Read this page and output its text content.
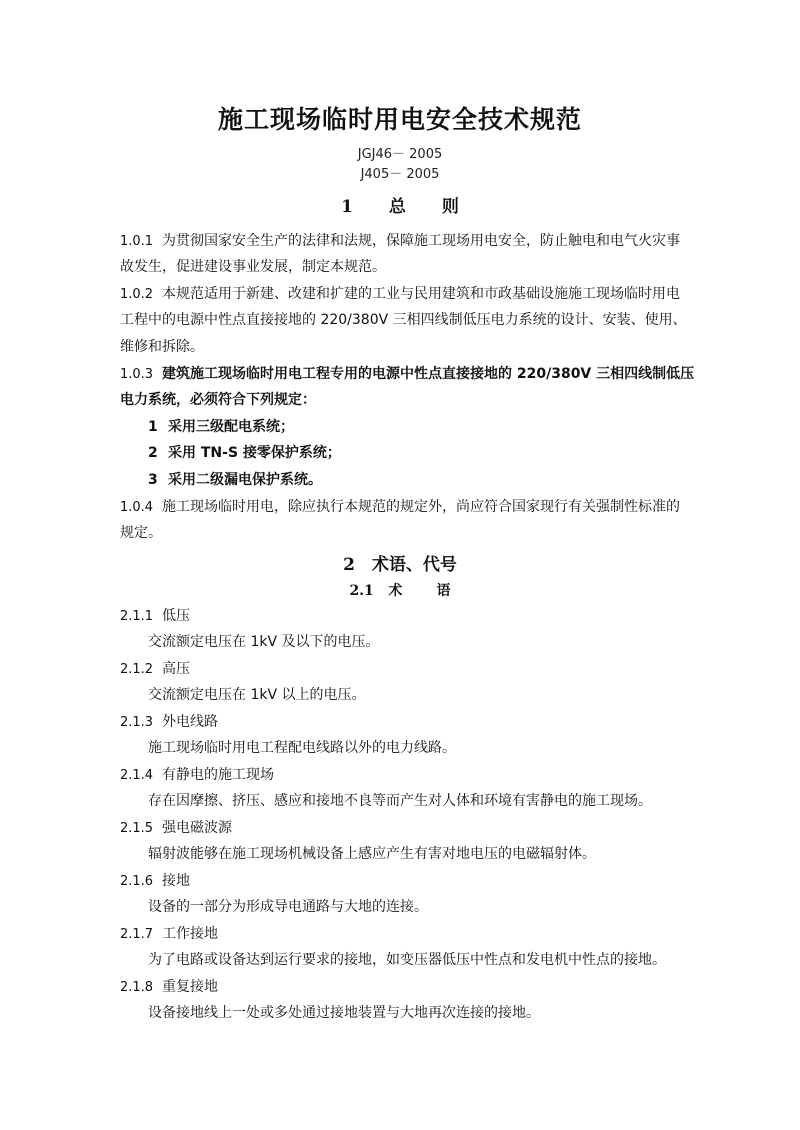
施工现场临时用电安全技术规范
JGJ46－ 2005
J405－ 2005
1 总 则
1.0.1 为贯彻国家安全生产的法律和法规，保障施工现场用电安全，防止触电和电气火灾事
故发生，促进建设事业发展，制定本规范。
1.0.2 本规范适用于新建、改建和扩建的工业与民用建筑和市政基础设施施工现场临时用电
工程中的电源中性点直接接地的 220/380V 三相四线制低压电力系统的设计、安装、使用、
维修和拆除。
1.0.3 建筑施工现场临时用电工程专用的电源中性点直接接地的 220/380V 三相四线制低压
电力系统，必须符合下列规定：
1 采用三级配电系统；
2 采用 TN-S 接零保护系统；
3 采用二级漏电保护系统。
1.0.4 施工现场临时用电，除应执行本规范的规定外，尚应符合国家现行有关强制性标准的
规定。
2　术语、代号
2.1 术 语
2.1.1 低压
交流额定电压在 1kV 及以下的电压。
2.1.2 高压
交流额定电压在 1kV 以上的电压。
2.1.3 外电线路
施工现场临时用电工程配电线路以外的电力线路。
2.1.4 有静电的施工现场
存在因摩擦、挤压、感应和接地不良等而产生对人体和环境有害静电的施工现场。
2.1.5 强电磁波源
辐射波能够在施工现场机械设备上感应产生有害对地电压的电磁辐射体。
2.1.6 接地
设备的一部分为形成导电通路与大地的连接。
2.1.7 工作接地
为了电路或设备达到运行要求的接地，如变压器低压中性点和发电机中性点的接地。
2.1.8 重复接地
设备接地线上一处或多处通过接地装置与大地再次连接的接地。
